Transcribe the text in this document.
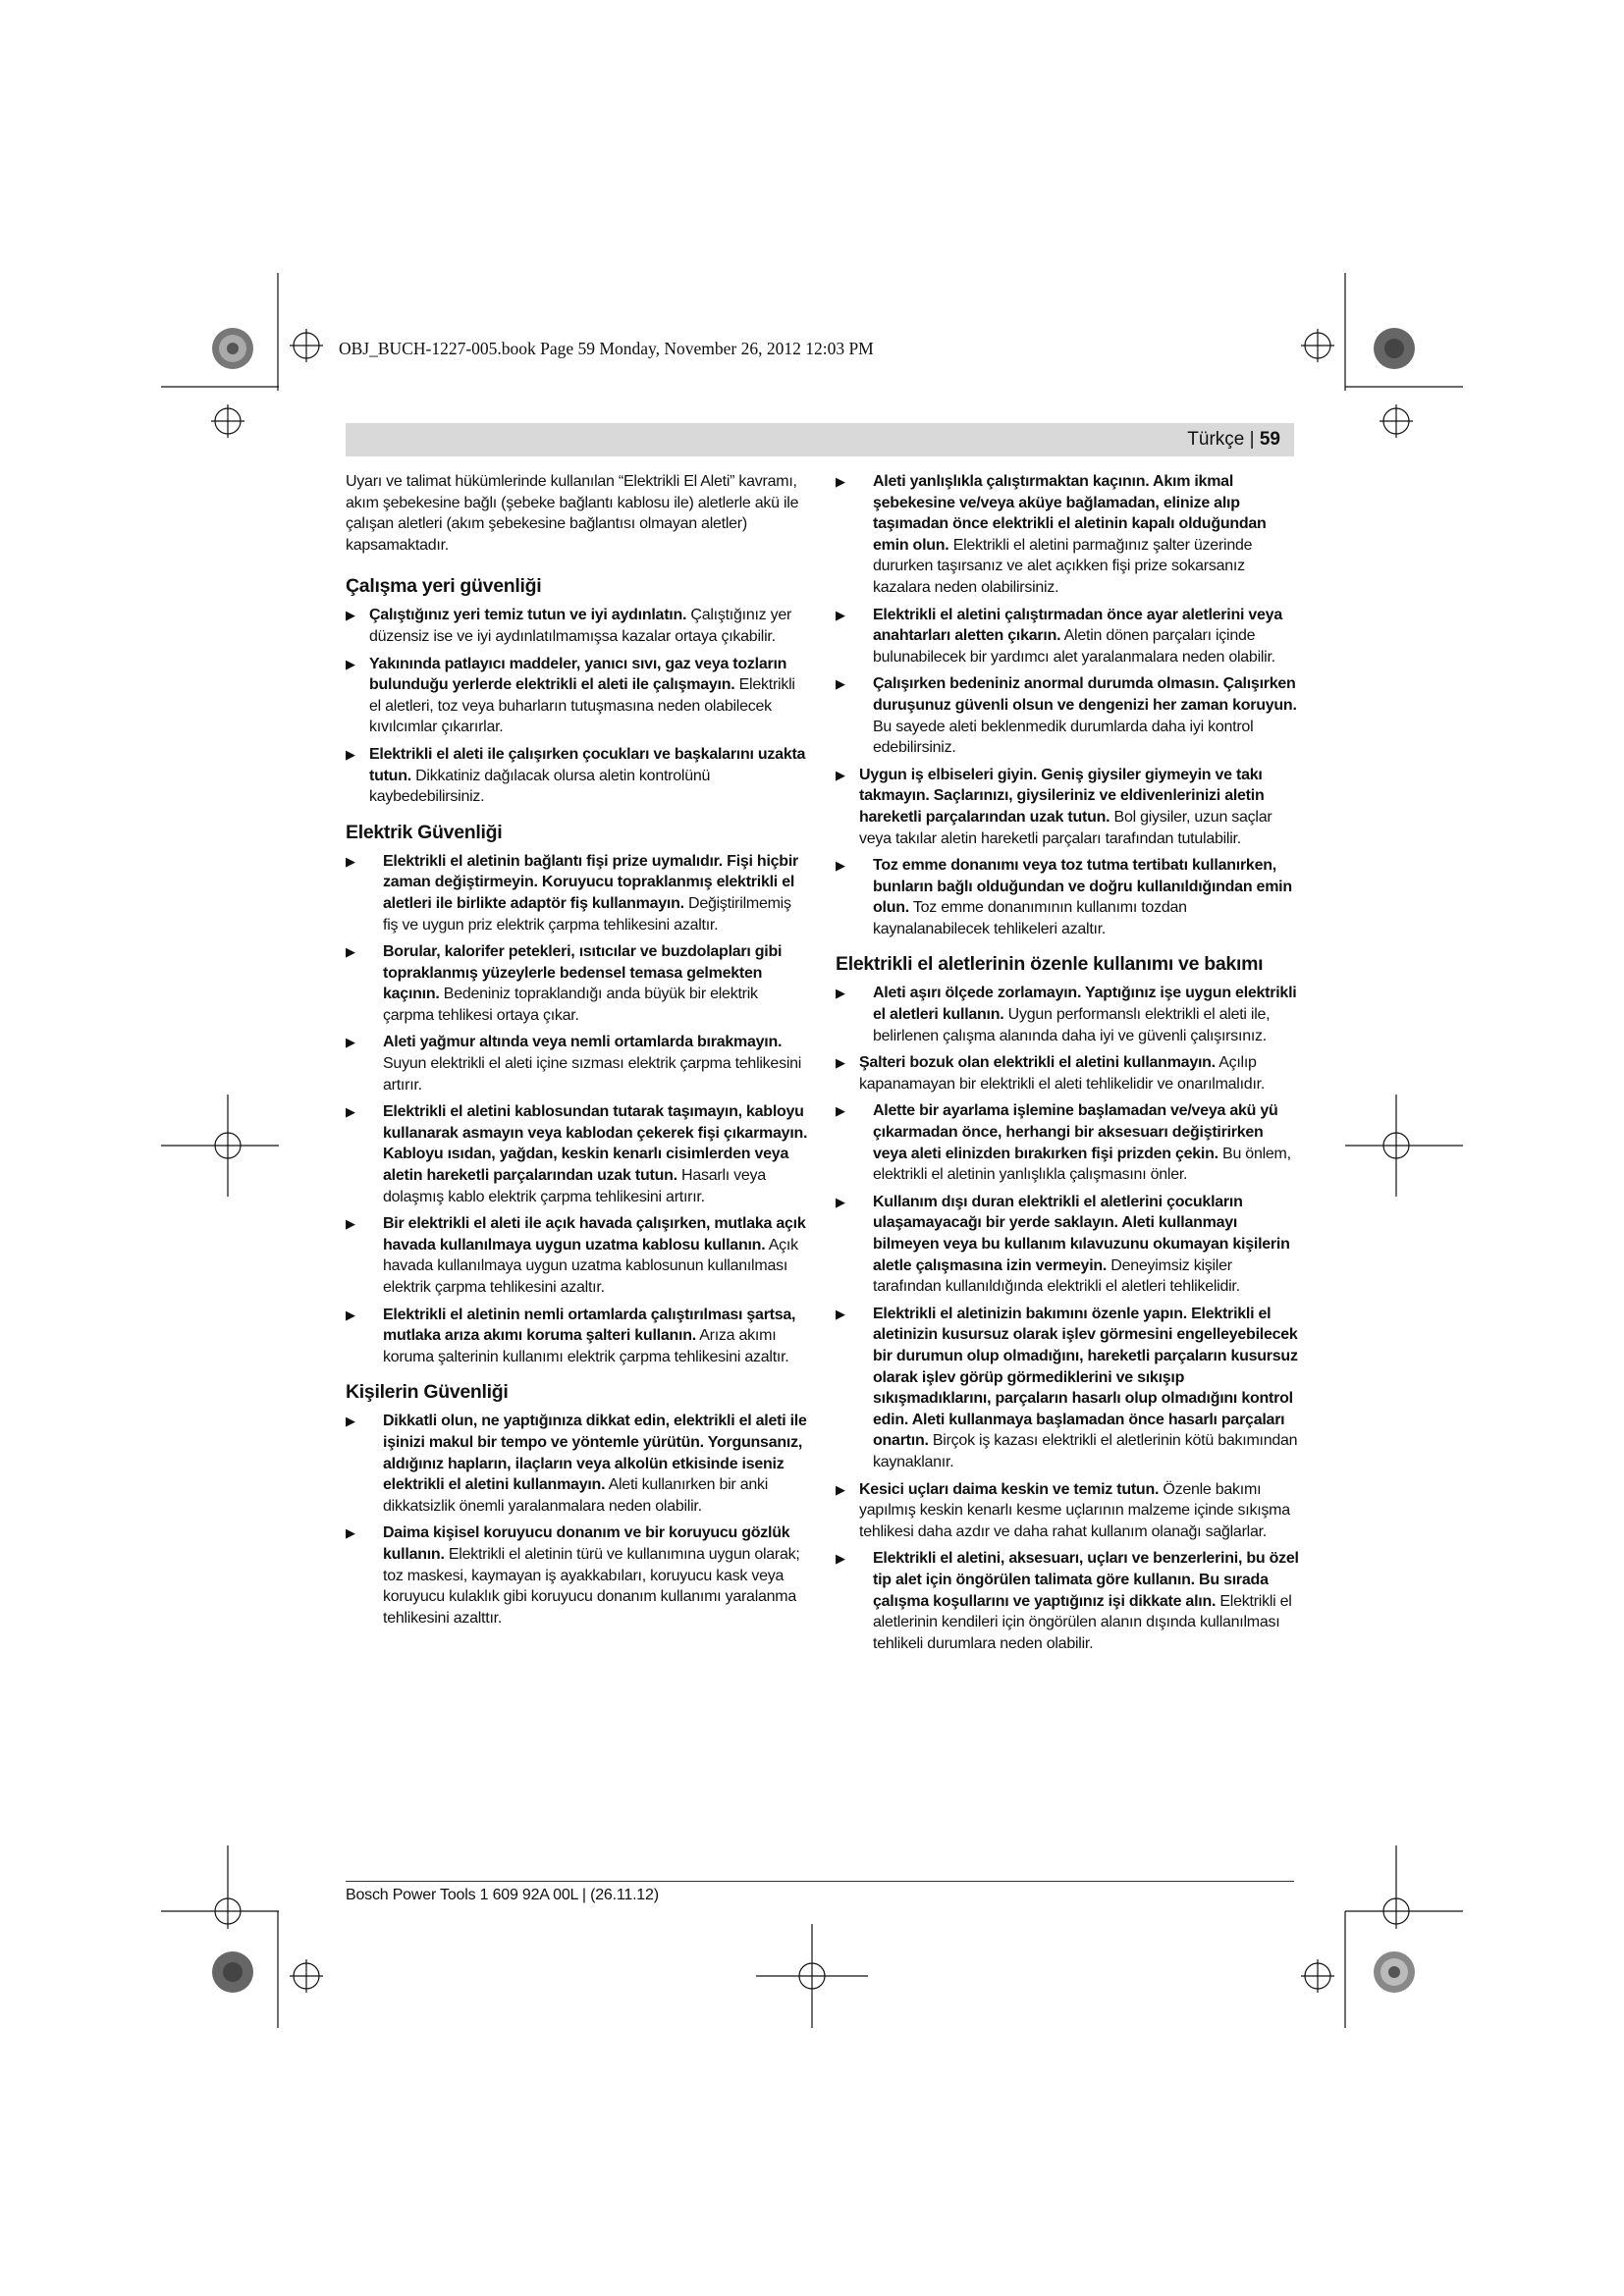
OBJ_BUCH-1227-005.book Page 59 Monday, November 26, 2012 12:03 PM
Türkçe | 59

Uyarı ve talimat hükümlerinde kullanılan “Elektrikli El Aleti” kavramı, akım şebekesine bağlı (şebeke bağlantı kablosu ile) aletlerle akü ile çalışan aletleri (akım şebekesine bağlantısı olmayan aletler) kapsamaktadır.

Çalışma yeri güvenliği
▶ Çalıştığınız yeri temiz tutun ve iyi aydınlatın. Çalıştığınız yer düzensiz ise ve iyi aydınlatılmamışsa kazalar ortaya çıkabilir.
▶ Yakınında patlayıcı maddeler, yanıcı sıvı, gaz veya tozların bulunduğu yerlerde elektrikli el aleti ile çalışmayın. Elektrikli el aletleri, toz veya buharların tutuşmasına neden olabilecek kıvılcımlar çıkarırlar.
▶ Elektrikli el aleti ile çalışırken çocukları ve başkalarını uzakta tutun. Dikkatiniz dağılacak olursa aletin kontrolünü kaybedebilirsiniz.
Elektrik Güvenliği
▶ Elektrikli el aletinin bağlantı fişi prize uymalıdır. Fişi hiçbir zaman değiştirmeyin. Koruyucu topraklanmış elektrikli el aletleri ile birlikte adaptör fiş kullanmayın. Değiştirilmemiş fiş ve uygun priz elektrik çarpma tehlikesini azaltır.
▶ Borular, kalorifer petekleri, ısıtıcılar ve buzdolapları gibi topraklanmış yüzeylerle bedensel temasa gelmekten kaçının. Bedeniniz topraklandığı anda büyük bir elektrik çarpma tehlikesi ortaya çıkar.
▶ Aleti yağmur altında veya nemli ortamlarda bırakmayın. Suyun elektrikli el aleti içine sızması elektrik çarpma tehlikesini artırır.
▶ Elektrikli el aletini kablosundan tutarak taşımayın, kabloyu kullanarak asmayın veya kablodan çekerek fişi çıkarmayın. Kabloyu ısıdan, yağdan, keskin kenarlı cisimlerden veya aletin hareketli parçalarından uzak tutun. Hasarlı veya dolaşmış kablo elektrik çarpma tehlikesini artırır.
▶ Bir elektrikli el aleti ile açık havada çalışırken, mutlaka açık havada kullanılmaya uygun uzatma kablosu kullanın. Açık havada kullanılmaya uygun uzatma kablosunun kullanılması elektrik çarpma tehlikesini azaltır.
▶ Elektrikli el aletinin nemli ortamlarda çalıştırılması şartsa, mutlaka arıza akımı koruma şalteri kullanın. Arıza akımı koruma şalterinin kullanımı elektrik çarpma tehlikesini azaltır.
Kişilerin Güvenliği
▶ Dikkatli olun, ne yaptığınıza dikkat edin, elektrikli el aleti ile işinizi makul bir tempo ve yöntemle yürütün. Yorgunsanız, aldığınız hapların, ilaçların veya alkolün etkisinde iseniz elektrikli el aletini kullanmayın. Aleti kullanırken bir anki dikkatsizlik önemli yaralanmalara neden olabilir.
▶ Daima kişisel koruyucu donanım ve bir koruyucu gözlük kullanın. Elektrikli el aletinin türü ve kullanımına uygun olarak; toz maskesi, kaymayan iş ayakkabıları, koruyucu kask veya koruyucu kulaklık gibi koruyucu donanım kullanımı yaralanma tehlikesini azalttır.
▶ Aleti yanlışlıkla çalıştırmaktan kaçının. Akım ikmal şebekesine ve/veya aküye bağlamadan, elinize alıp taşımadan önce elektrikli el aletinin kapalı olduğundan emin olun. Elektrikli el aletini parmağınız şalter üzerinde dururken taşırsanız ve alet açıkken fişi prize sokarsanız kazalara neden olabilirsiniz.
▶ Elektrikli el aletini çalıştırmadan önce ayar aletlerini veya anahtarları aletten çıkarın. Aletin dönen parçaları içinde bulunabilecek bir yardımcı alet yaralanmalara neden olabilir.
▶ Çalışırken bedeniniz anormal durumda olmasın. Çalışırken duruşunuz güvenli olsun ve dengenizi her zaman koruyun. Bu sayede aleti beklenmedik durumlarda daha iyi kontrol edebilirsiniz.
▶ Uygun iş elbiseleri giyin. Geniş giysiler giymeyin ve takı takmayın. Saçlarınızı, giysileriniz ve eldivenlerinizi aletin hareketli parçalarından uzak tutun. Bol giysiler, uzun saçlar veya takılar aletin hareketli parçaları tarafından tutulabilir.
▶ Toz emme donanımı veya toz tutma tertibatı kullanırken, bunların bağlı olduğundan ve doğru kullanıldığından emin olun. Toz emme donanımının kullanımı tozdan kaynalanabilecek tehlikeleri azaltır.
Elektrikli el aletlerinin özenle kullanımı ve bakımı
▶ Aleti aşırı ölçede zorlamayın. Yaptığınız işe uygun elektrikli el aletleri kullanın. Uygun performanslı elektrikli el aleti ile, belirlenen çalışma alanında daha iyi ve güvenli çalışırsınız.
▶ Şalteri bozuk olan elektrikli el aletini kullanmayın. Açılıp kapanamayan bir elektrikli el aleti tehlikelidir ve onarılmalıdır.
▶ Alette bir ayarlama işlemine başlamadan ve/veya akü yü çıkarmadan önce, herhangi bir aksesuarı değiştirirken veya aleti elinizden bırakırken fişi prizden çekin. Bu önlem, elektrikli el aletinin yanlışlıkla çalışmasını önler.
▶ Kullanım dışı duran elektrikli el aletlerini çocukların ulaşamayacağı bir yerde saklayın. Aleti kullanmayı bilmeyen veya bu kullanım kılavuzunu okumayan kişilerin aletle çalışmasına izin vermeyin. Deneyimsiz kişiler tarafından kullanıldığında elektrikli el aletleri tehlikelidir.
▶ Elektrikli el aletinizin bakımını özenle yapın. Elektrikli el aletinizin kusursuz olarak işlev görmesini engelleyebilecek bir durumun olup olmadığını, hareketli parçaların kusursuz olarak işlev görüp görmediklerini ve sıkışıp sıkışmadıklarını, parçaların hasarlı olup olmadığını kontrol edin. Aleti kullanmaya başlamadan önce hasarlı parçaları onartın. Birçok iş kazası elektrikli el aletlerinin kötü bakımından kaynaklanır.
▶ Kesici uçları daima keskin ve temiz tutun. Özenle bakımı yapılmış keskin kenarlı kesme uçlarının malzeme içinde sıkışma tehlikesi daha azdır ve daha rahat kullanım olanağı sağlarlar.
▶ Elektrikli el aletini, aksesuarı, uçları ve benzerlerini, bu özel tip alet için öngörülen talimata göre kullanın. Bu sırada çalışma koşullarını ve yaptığınız işi dikkate alın. Elektrikli el aletlerinin kendileri için öngörülen alanın dışında kullanılması tehlikeli durumlara neden olabilir.
Bosch Power Tools 1 609 92A 00L | (26.11.12)
